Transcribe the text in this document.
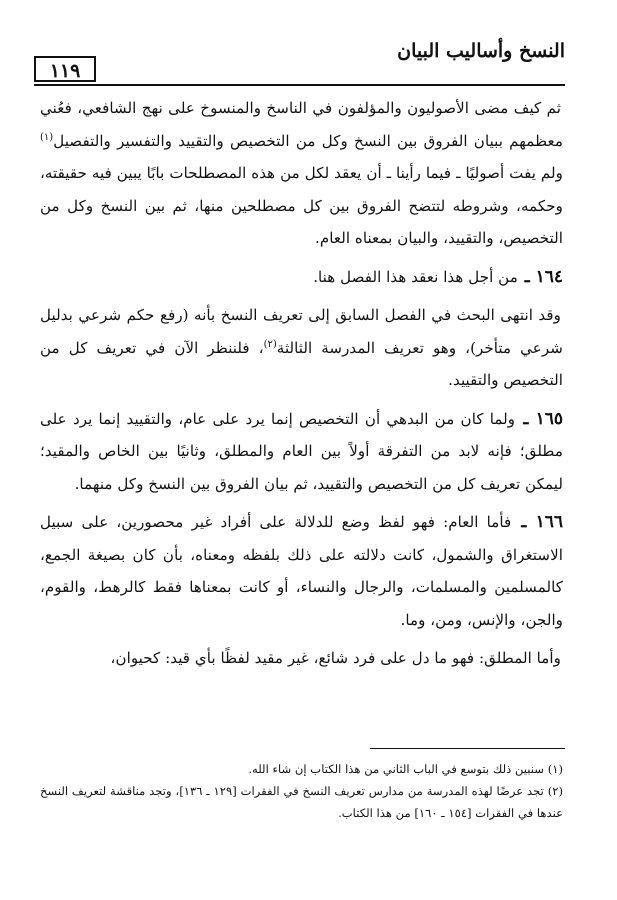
النسخ وأساليب البيان
١١٩

ثم كيف مضى الأصوليون والمؤلفون في الناسخ والمنسوخ على نهج الشافعي، فعُني معظمهم ببيان الفروق بين النسخ وكل من التخصيص والتقييد والتفسير والتفصيل$^{(١)}$ ولم يفت أصوليًا ـ فيما رأينا ـ أن يعقد لكل من هذه المصطلحات بابًا يبين فيه حقيقته، وحكمه، وشروطه لتتضح الفروق بين كل مصطلحين منها، ثم بين النسخ وكل من التخصيص، والتقييد، والبيان بمعناه العام.

١٦٤ ـ من أجل هذا نعقد هذا الفصل هنا.

وقد انتهى البحث في الفصل السابق إلى تعريف النسخ بأنه (رفع حكم شرعي بدليل شرعي متأخر)، وهو تعريف المدرسة الثالثة$^{(٢)}$، فلننظر الآن في تعريف كل من التخصيص والتقييد.

١٦٥ ـ ولما كان من البدهي أن التخصيص إنما يرد على عام، والتقييد إنما يرد على مطلق؛ فإنه لابد من التفرقة أولاً بين العام والمطلق، وثانيًا بين الخاص والمقيد؛ ليمكن تعريف كل من التخصيص والتقييد، ثم بيان الفروق بين النسخ وكل منهما.

١٦٦ ـ فأما العام: فهو لفظ وضع للدلالة على أفراد غير محصورين، على سبيل الاستغراق والشمول، كانت دلالته على ذلك بلفظه ومعناه، بأن كان بصيغة الجمع، كالمسلمين والمسلمات، والرجال والنساء، أو كانت بمعناها فقط كالرهط، والقوم، والجن، والإنس، ومن، وما.

وأما المطلق: فهو ما دل على فرد شائع، غير مقيد لفظًا بأي قيد: كحيوان،

(١) سنبين ذلك بتوسع في الباب الثاني من هذا الكتاب إن شاء الله.
(٢) تجد عرضًا لهذه المدرسة من مدارس تعريف النسخ في الفقرات [١٢٩ ـ ١٣٦]، وتجد مناقشة لتعريف النسخ عندها في الفقرات [١٥٤ ـ ١٦٠] من هذا الكتاب.
